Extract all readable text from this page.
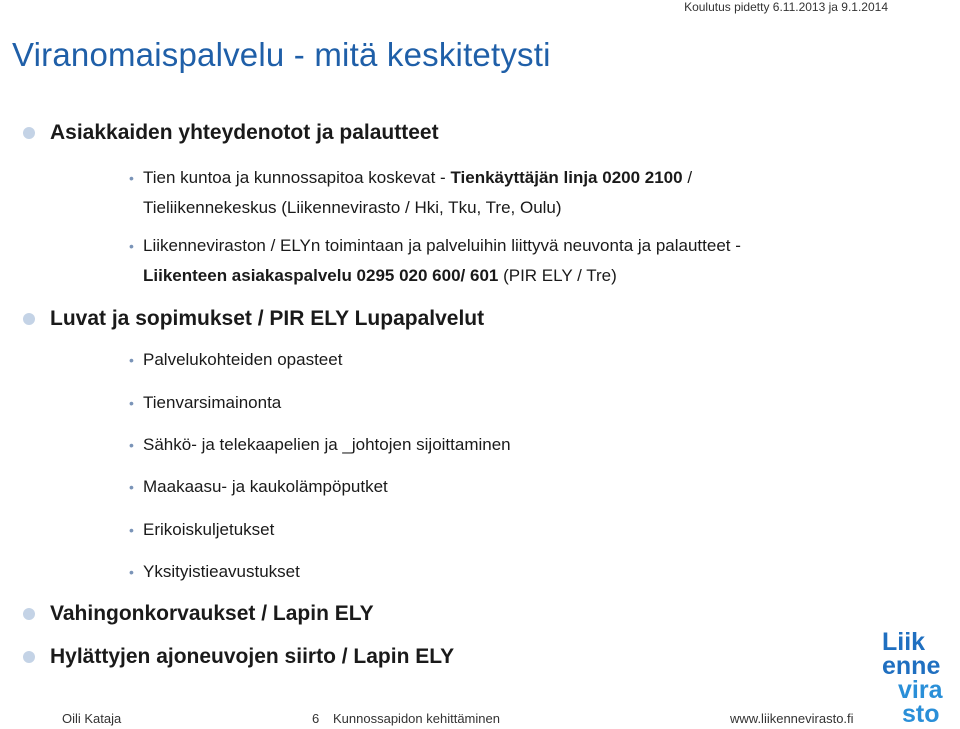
Koulutus pidetty 6.11.2013 ja 9.1.2014
Viranomaispalvelu - mitä keskitetysti
Asiakkaiden yhteydenotot ja palautteet
• Tien kuntoa ja kunnossapitoa koskevat - Tienkäyttäjän linja 0200 2100 /
Tieliikennekeskus (Liikennevirasto / Hki, Tku, Tre, Oulu)
• Liikenneviraston / ELYn toimintaan ja palveluihin liittyvä neuvonta ja palautteet -
Liikenteen asiakaspalvelu 0295 020 600/ 601 (PIR ELY / Tre)
Luvat ja sopimukset / PIR ELY Lupapalvelut
• Palvelukohteiden opasteet
• Tienvarsimainonta
• Sähkö- ja telekaapelien ja _johtojen sijoittaminen
• Maakaasu- ja kaukolämpöputket
• Erikoiskuljetukset
• Yksityistieavustukset
Vahingonkorvaukset / Lapin ELY
Hylättyjen ajoneuvojen siirto / Lapin ELY
Liik
enne
vira
sto
Oili Kataja	6 Kunnossapidon kehittäminen	www.liikennevirasto.fi
